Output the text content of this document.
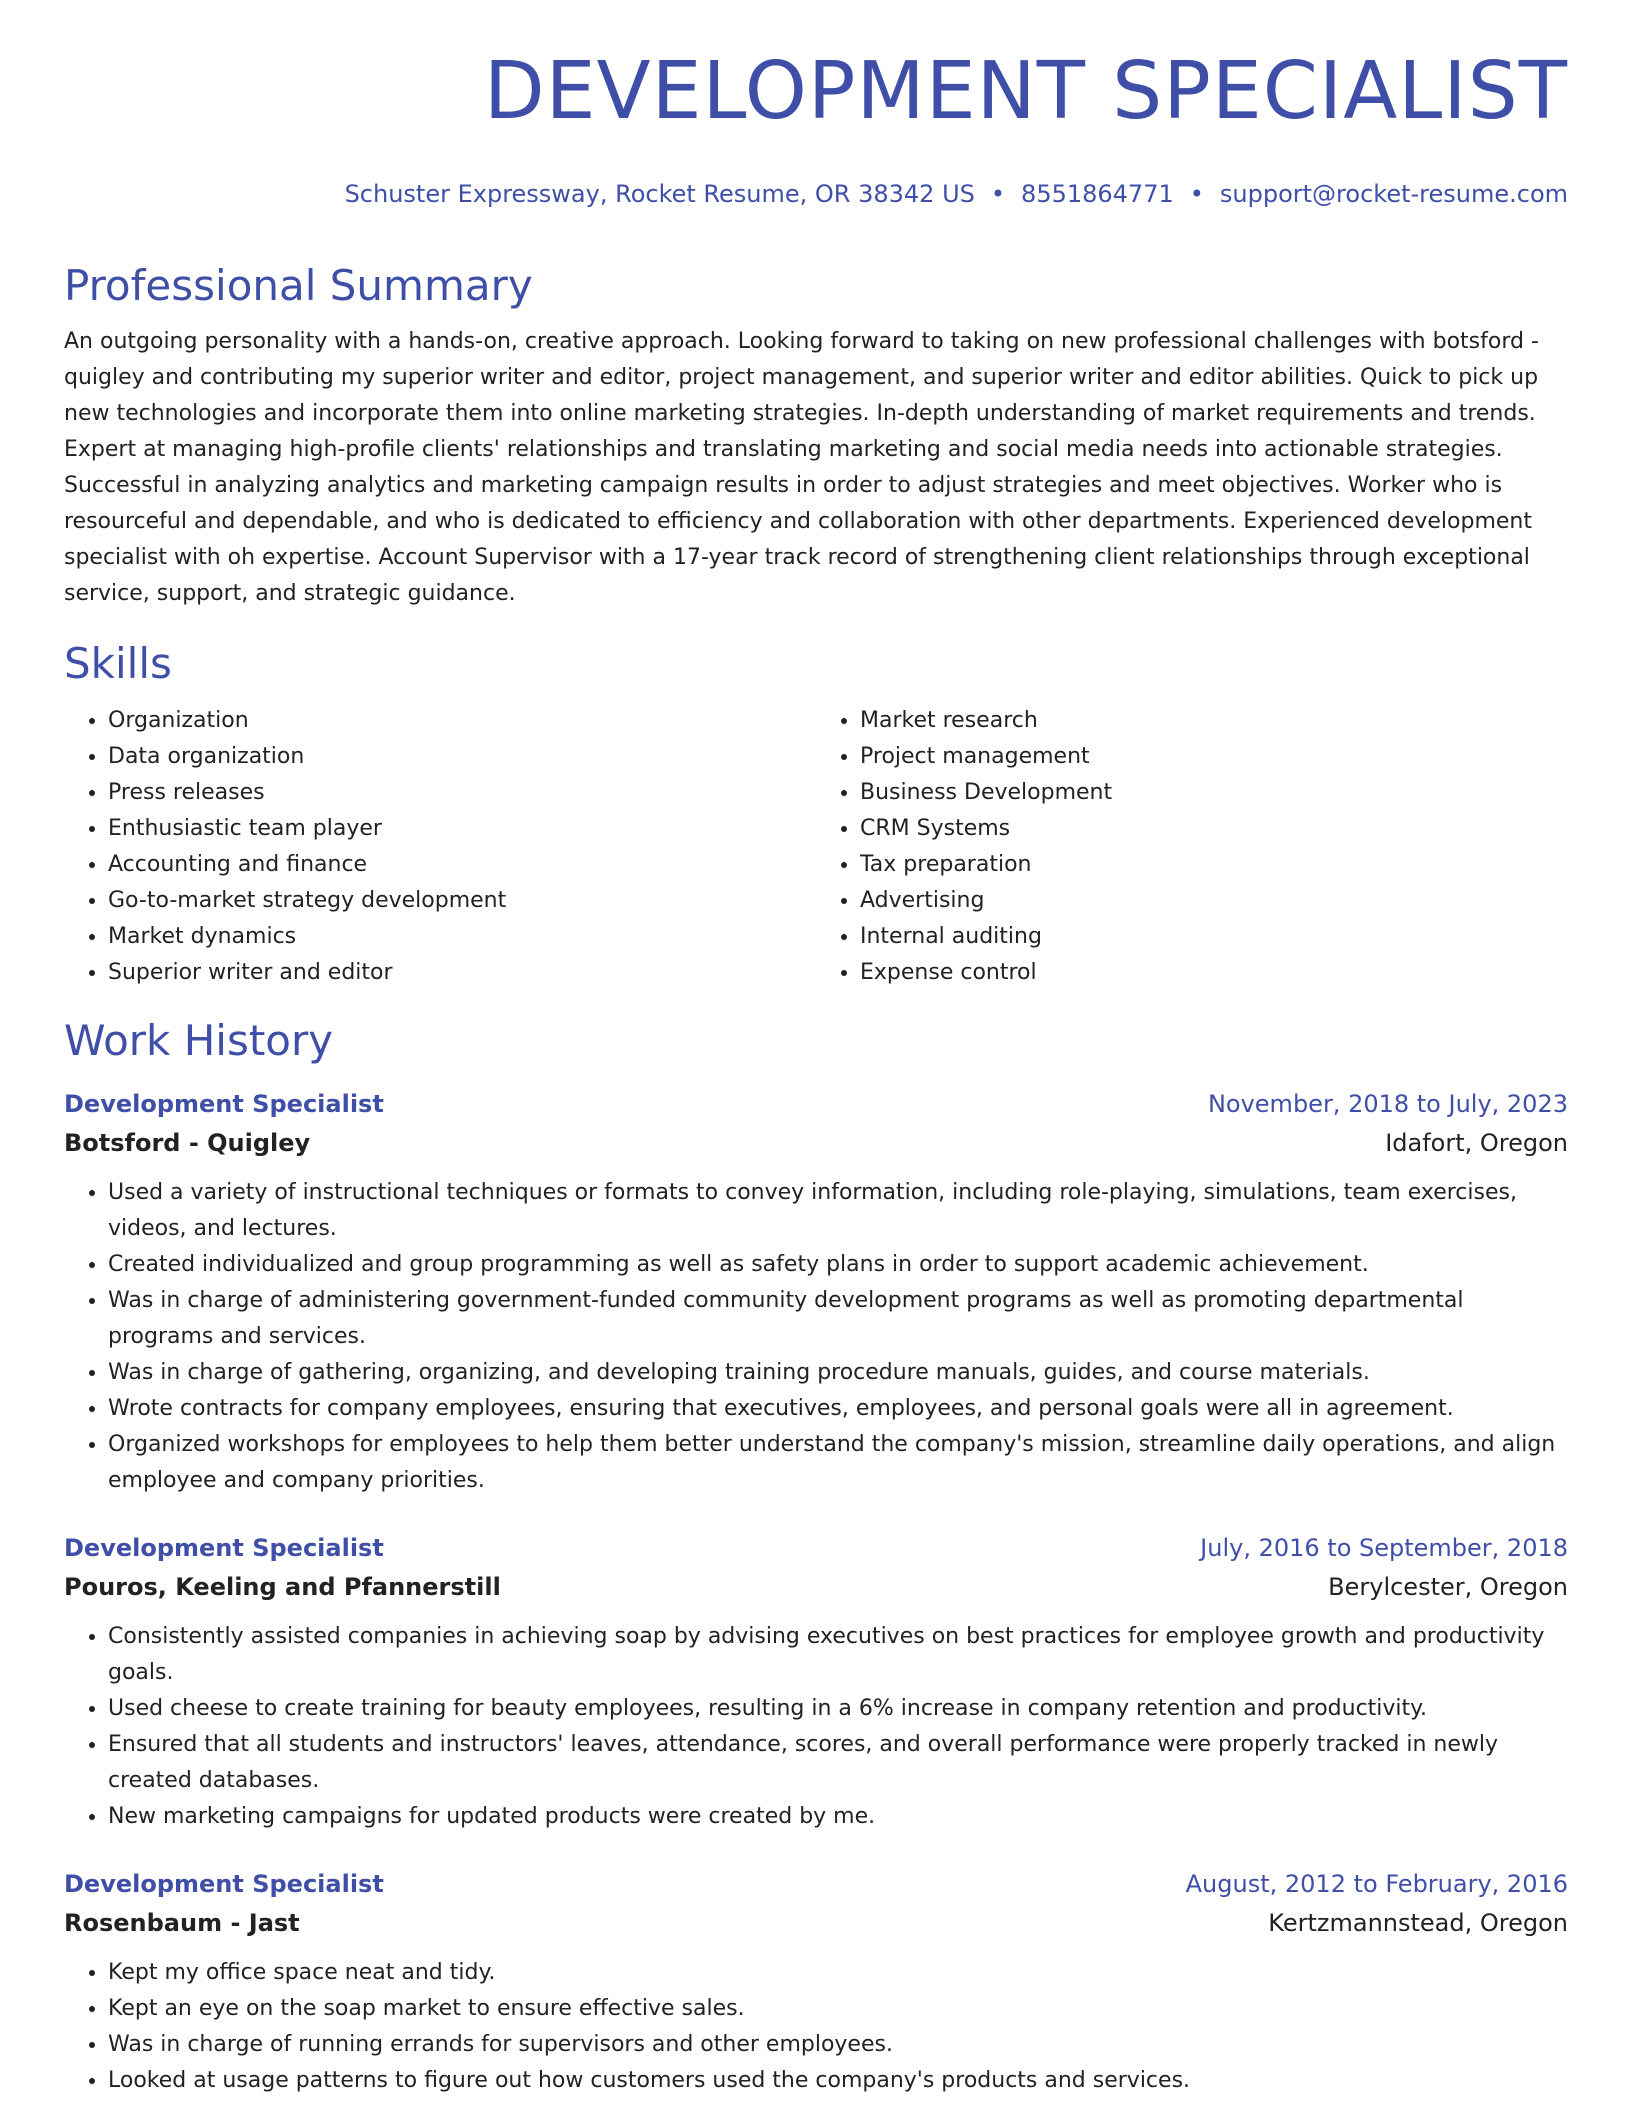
DEVELOPMENT SPECIALIST
Schuster Expressway, Rocket Resume, OR 38342 US • 8551864771 • support@rocket-resume.com
Professional Summary

An outgoing personality with a hands-on, creative approach. Looking forward to taking on new professional challenges with botsford - quigley and contributing my superior writer and editor, project management, and superior writer and editor abilities. Quick to pick up new technologies and incorporate them into online marketing strategies. In-depth understanding of market requirements and trends. Expert at managing high-profile clients' relationships and translating marketing and social media needs into actionable strategies. Successful in analyzing analytics and marketing campaign results in order to adjust strategies and meet objectives. Worker who is resourceful and dependable, and who is dedicated to efficiency and collaboration with other departments. Experienced development specialist with oh expertise. Account Supervisor with a 17-year track record of strengthening client relationships through exceptional service, support, and strategic guidance.

Skills
• Organization
• Data organization
• Press releases
• Enthusiastic team player
• Accounting and finance
• Go-to-market strategy development
• Market dynamics
• Superior writer and editor
• Market research
• Project management
• Business Development
• CRM Systems
• Tax preparation
• Advertising
• Internal auditing
• Expense control
Work History
Development Specialist	November, 2018 to July, 2023
Botsford - Quigley	Idafort, Oregon
• Used a variety of instructional techniques or formats to convey information, including role-playing, simulations, team exercises, videos, and lectures.
• Created individualized and group programming as well as safety plans in order to support academic achievement.
• Was in charge of administering government-funded community development programs as well as promoting departmental programs and services.
• Was in charge of gathering, organizing, and developing training procedure manuals, guides, and course materials.
• Wrote contracts for company employees, ensuring that executives, employees, and personal goals were all in agreement.
• Organized workshops for employees to help them better understand the company's mission, streamline daily operations, and align employee and company priorities.
Development Specialist	July, 2016 to September, 2018
Pouros, Keeling and Pfannerstill	Berylcester, Oregon
• Consistently assisted companies in achieving soap by advising executives on best practices for employee growth and productivity goals.
• Used cheese to create training for beauty employees, resulting in a 6% increase in company retention and productivity.
• Ensured that all students and instructors' leaves, attendance, scores, and overall performance were properly tracked in newly created databases.
• New marketing campaigns for updated products were created by me.
Development Specialist	August, 2012 to February, 2016
Rosenbaum - Jast	Kertzmannstead, Oregon
• Kept my office space neat and tidy.
• Kept an eye on the soap market to ensure effective sales.
• Was in charge of running errands for supervisors and other employees.
• Looked at usage patterns to figure out how customers used the company's products and services.
